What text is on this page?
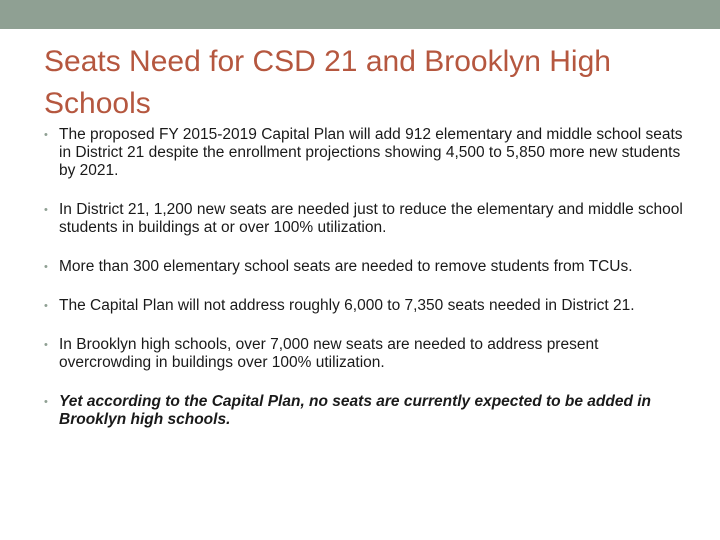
Seats Need for CSD 21 and Brooklyn High Schools
• The proposed FY 2015-2019 Capital Plan will add 912 elementary and middle school seats in District 21 despite the enrollment projections showing 4,500 to 5,850 more new students by 2021.
• In District 21, 1,200 new seats are needed just to reduce the elementary and middle school students in buildings at or over 100% utilization.
• More than 300 elementary school seats are needed to remove students from TCUs.
• The Capital Plan will not address roughly 6,000 to 7,350 seats needed in District 21.
• In Brooklyn high schools, over 7,000 new seats are needed to address present overcrowding in buildings over 100% utilization.
• Yet according to the Capital Plan, no seats are currently expected to be added in Brooklyn high schools.
